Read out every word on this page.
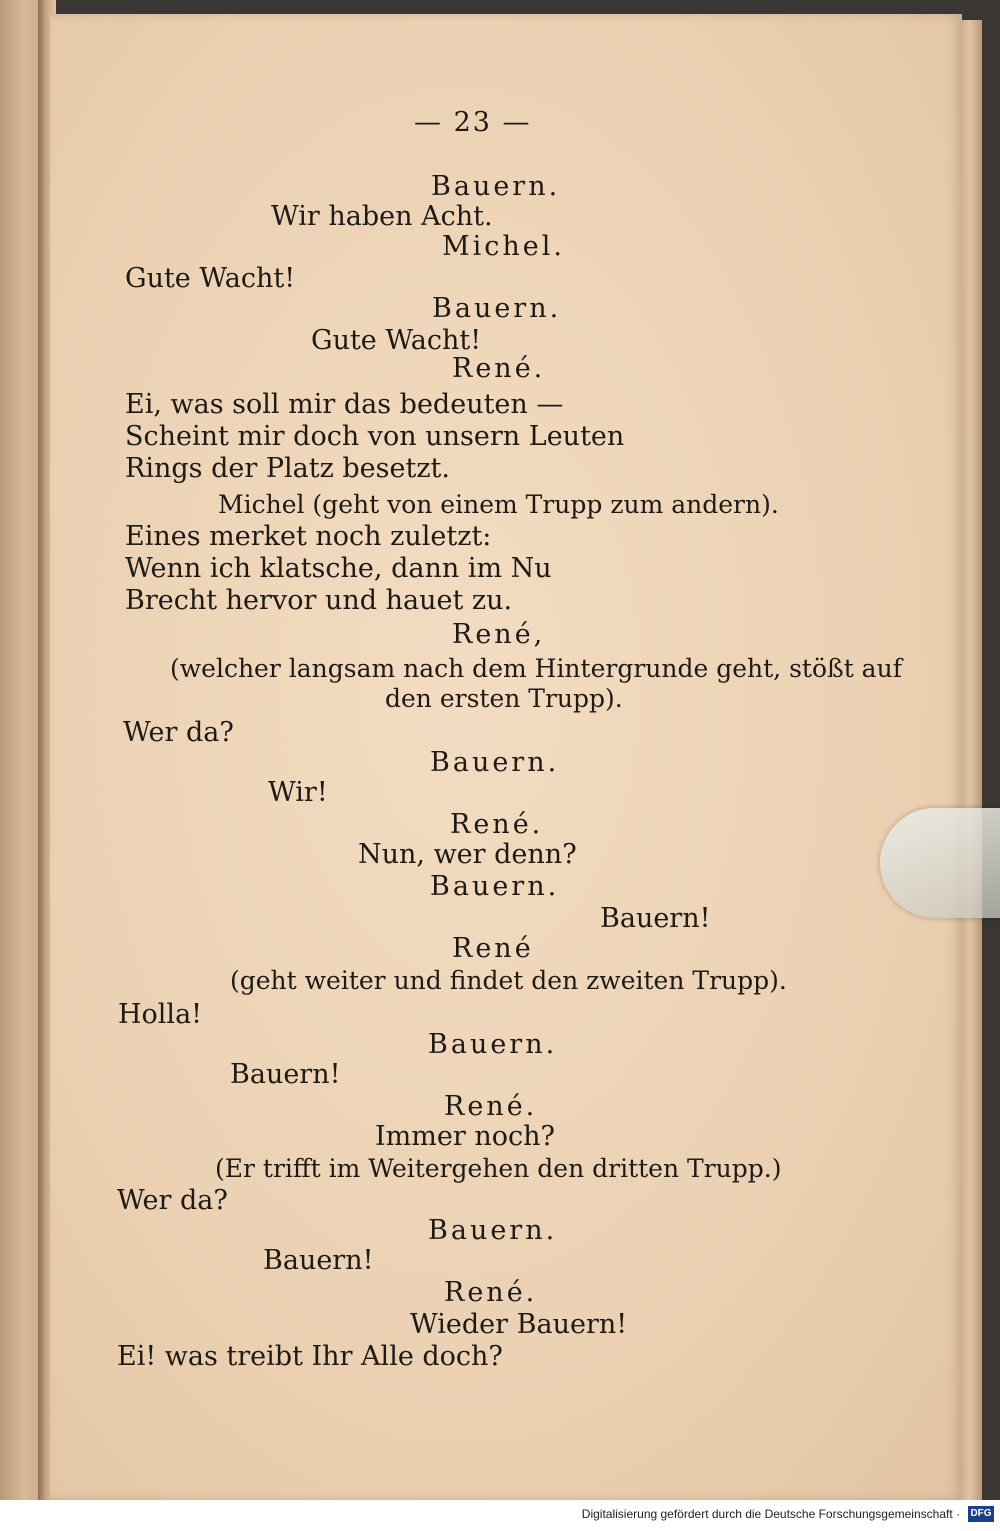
— 23 —

Bauern.

Wir haben Acht.

Michel.

Gute Wacht!

Bauern.

Gute Wacht!

René.

Ei, was soll mir das bedeuten —

Scheint mir doch von unsern Leuten

Rings der Platz besetzt.

Michel (geht von einem Trupp zum andern).

Eines merket noch zuletzt:

Wenn ich klatsche, dann im Nu

Brecht hervor und hauet zu.

René,

(welcher langsam nach dem Hintergrunde geht, stößt auf

den ersten Trupp).

Wer da?

Bauern.

Wir!

René.

Nun, wer denn?

Bauern.

Bauern!

René

(geht weiter und findet den zweiten Trupp).

Holla!

Bauern.

Bauern!

René.

Immer noch?

(Er trifft im Weitergehen den dritten Trupp.)

Wer da?

Bauern.

Bauern!

René.

Wieder Bauern!

Ei! was treibt Ihr Alle doch?

Digitalisierung gefördert durch die Deutsche Forschungsgemeinschaft · DFG
